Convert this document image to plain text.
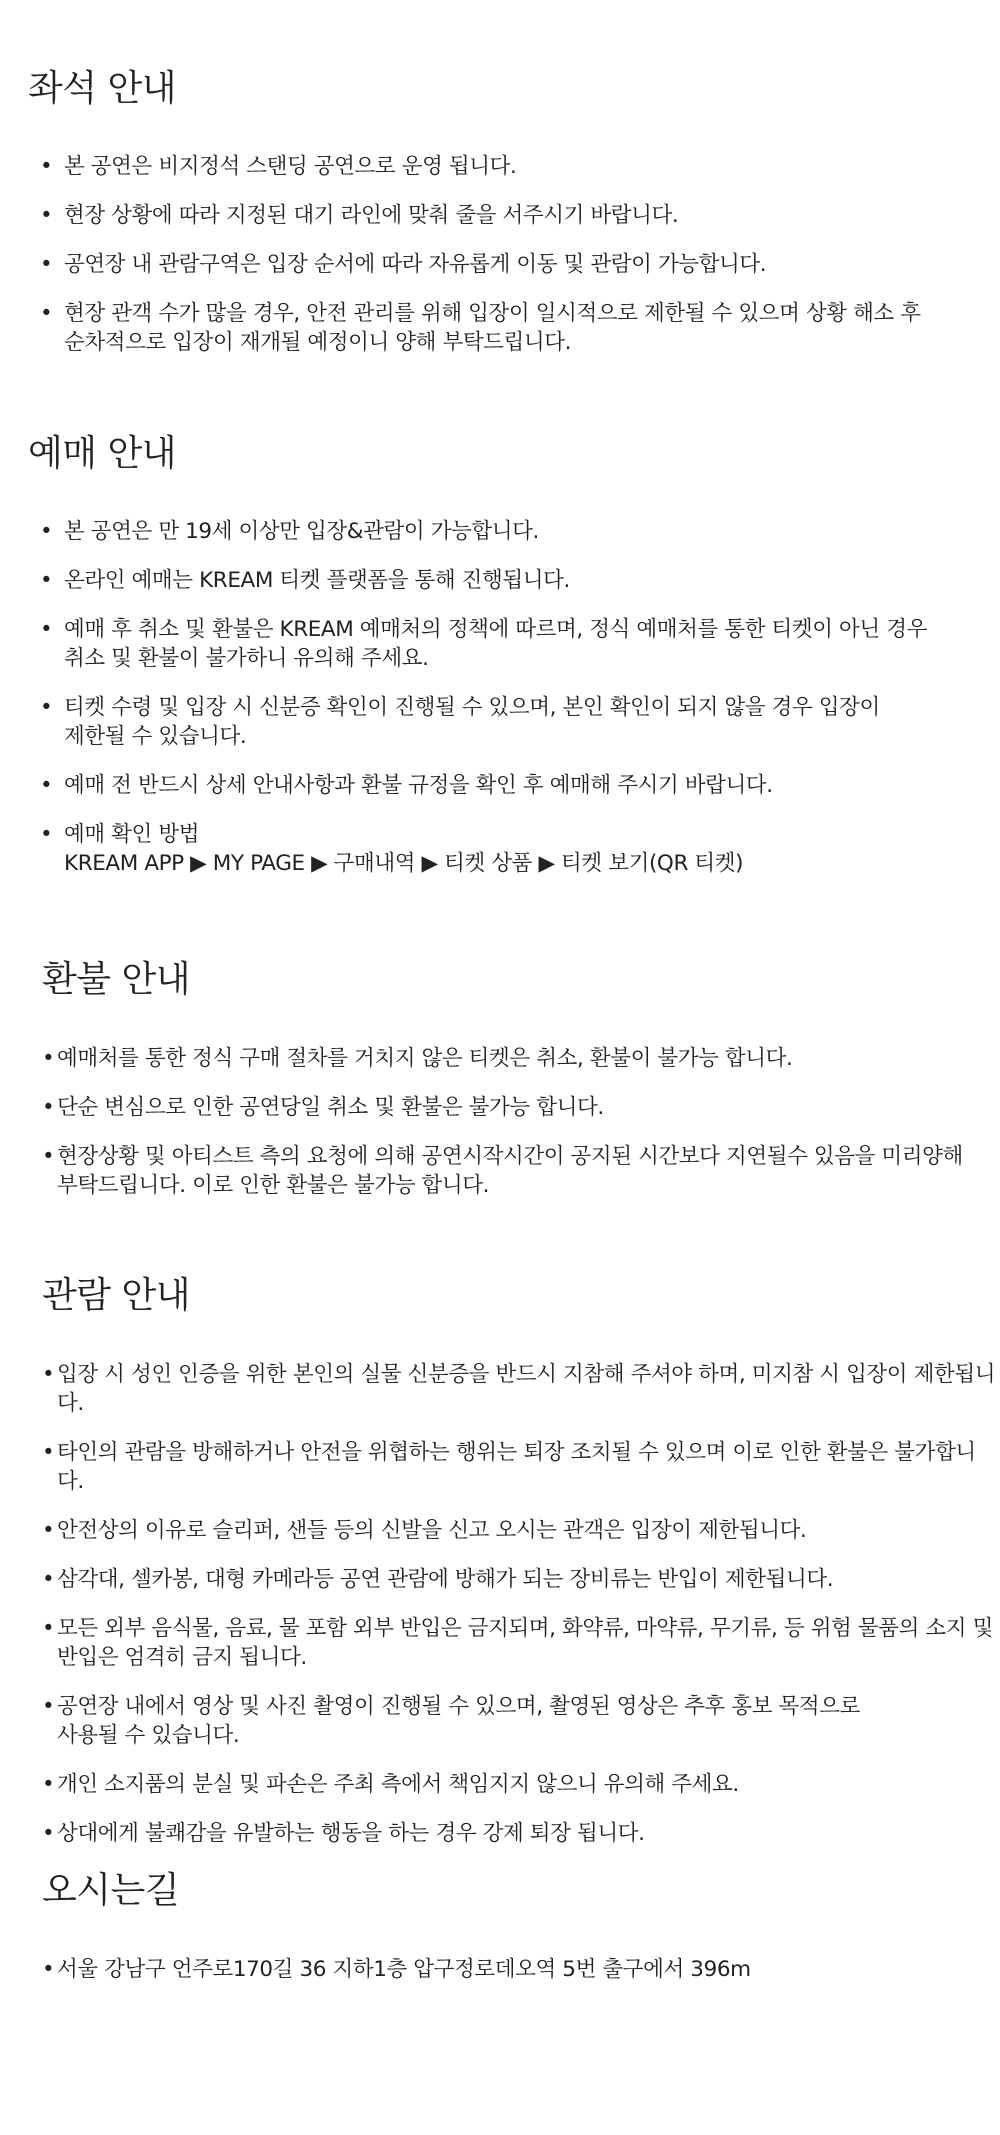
좌석 안내
• 본 공연은 비지정석 스탠딩 공연으로 운영 됩니다.
• 현장 상황에 따라 지정된 대기 라인에 맞춰 줄을 서주시기 바랍니다.
• 공연장 내 관람구역은 입장 순서에 따라 자유롭게 이동 및 관람이 가능합니다.
• 현장 관객 수가 많을 경우, 안전 관리를 위해 입장이 일시적으로 제한될 수 있으며 상황 해소 후
순차적으로 입장이 재개될 예정이니 양해 부탁드립니다.
예매 안내
• 본 공연은 만 19세 이상만 입장&관람이 가능합니다.
• 온라인 예매는 KREAM 티켓 플랫폼을 통해 진행됩니다.
• 예매 후 취소 및 환불은 KREAM 예매처의 정책에 따르며, 정식 예매처를 통한 티켓이 아닌 경우
취소 및 환불이 불가하니 유의해 주세요.
• 티켓 수령 및 입장 시 신분증 확인이 진행될 수 있으며, 본인 확인이 되지 않을 경우 입장이
제한될 수 있습니다.
• 예매 전 반드시 상세 안내사항과 환불 규정을 확인 후 예매해 주시기 바랍니다.
• 예매 확인 방법
KREAM APP ▶ MY PAGE ▶ 구매내역 ▶ 티켓 상품 ▶ 티켓 보기(QR 티켓)
환불 안내
• 예매처를 통한 정식 구매 절차를 거치지 않은 티켓은 취소, 환불이 불가능 합니다.
• 단순 변심으로 인한 공연당일 취소 및 환불은 불가능 합니다.
• 현장상황 및 아티스트 측의 요청에 의해 공연시작시간이 공지된 시간보다 지연될수 있음을 미리양해
부탁드립니다. 이로 인한 환불은 불가능 합니다.
관람 안내
• 입장 시 성인 인증을 위한 본인의 실물 신분증을 반드시 지참해 주셔야 하며, 미지참 시 입장이 제한됩니다.
• 타인의 관람을 방해하거나 안전을 위협하는 행위는 퇴장 조치될 수 있으며 이로 인한 환불은 불가합니다.
• 안전상의 이유로 슬리퍼, 샌들 등의 신발을 신고 오시는 관객은 입장이 제한됩니다.
• 삼각대, 셀카봉, 대형 카메라등 공연 관람에 방해가 되는 장비류는 반입이 제한됩니다.
• 모든 외부 음식물, 음료, 물 포함 외부 반입은 금지되며, 화약류, 마약류, 무기류, 등 위험 물품의 소지 및
반입은 엄격히 금지 됩니다.
• 공연장 내에서 영상 및 사진 촬영이 진행될 수 있으며, 촬영된 영상은 추후 홍보 목적으로
사용될 수 있습니다.
• 개인 소지품의 분실 및 파손은 주최 측에서 책임지지 않으니 유의해 주세요.
• 상대에게 불쾌감을 유발하는 행동을 하는 경우 강제 퇴장 됩니다.
오시는길
• 서울 강남구 언주로170길 36 지하1층 압구정로데오역 5번 출구에서 396m
